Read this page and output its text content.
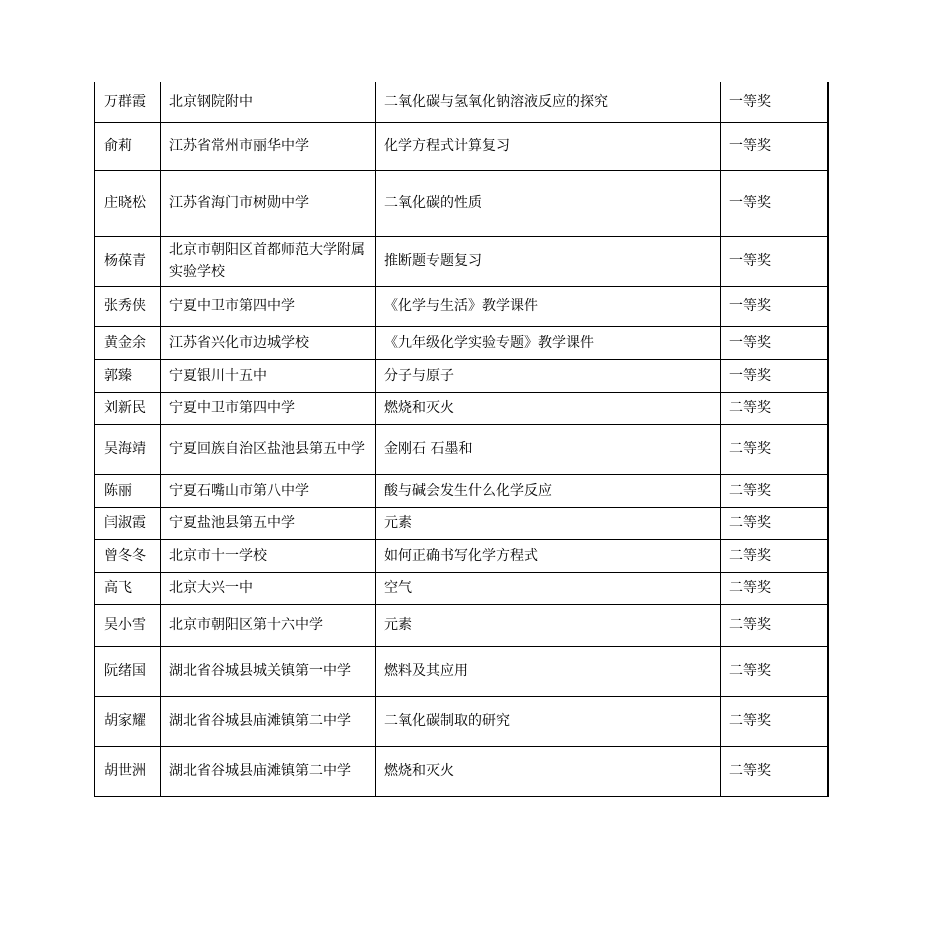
万群霞	北京钢院附中	二氧化碳与氢氧化钠溶液反应的探究	一等奖
俞莉	江苏省常州市丽华中学	化学方程式计算复习	一等奖
庄晓松	江苏省海门市树勋中学	二氧化碳的性质	一等奖
杨葆青	北京市朝阳区首都师范大学附属实验学校	推断题专题复习	一等奖
张秀侠	宁夏中卫市第四中学	《化学与生活》教学课件	一等奖
黄金余	江苏省兴化市边城学校	《九年级化学实验专题》教学课件	一等奖
郭臻	宁夏银川十五中	分子与原子	一等奖
刘新民	宁夏中卫市第四中学	燃烧和灭火	二等奖
吴海靖	宁夏回族自治区盐池县第五中学	金刚石 石墨和	二等奖
陈丽	宁夏石嘴山市第八中学	酸与碱会发生什么化学反应	二等奖
闫淑霞	宁夏盐池县第五中学	元素	二等奖
曾冬冬	北京市十一学校	如何正确书写化学方程式	二等奖
高飞	北京大兴一中	空气	二等奖
吴小雪	北京市朝阳区第十六中学	元素	二等奖
阮绪国	湖北省谷城县城关镇第一中学	燃料及其应用	二等奖
胡家耀	湖北省谷城县庙滩镇第二中学	二氧化碳制取的研究	二等奖
胡世洲	湖北省谷城县庙滩镇第二中学	燃烧和灭火	二等奖
